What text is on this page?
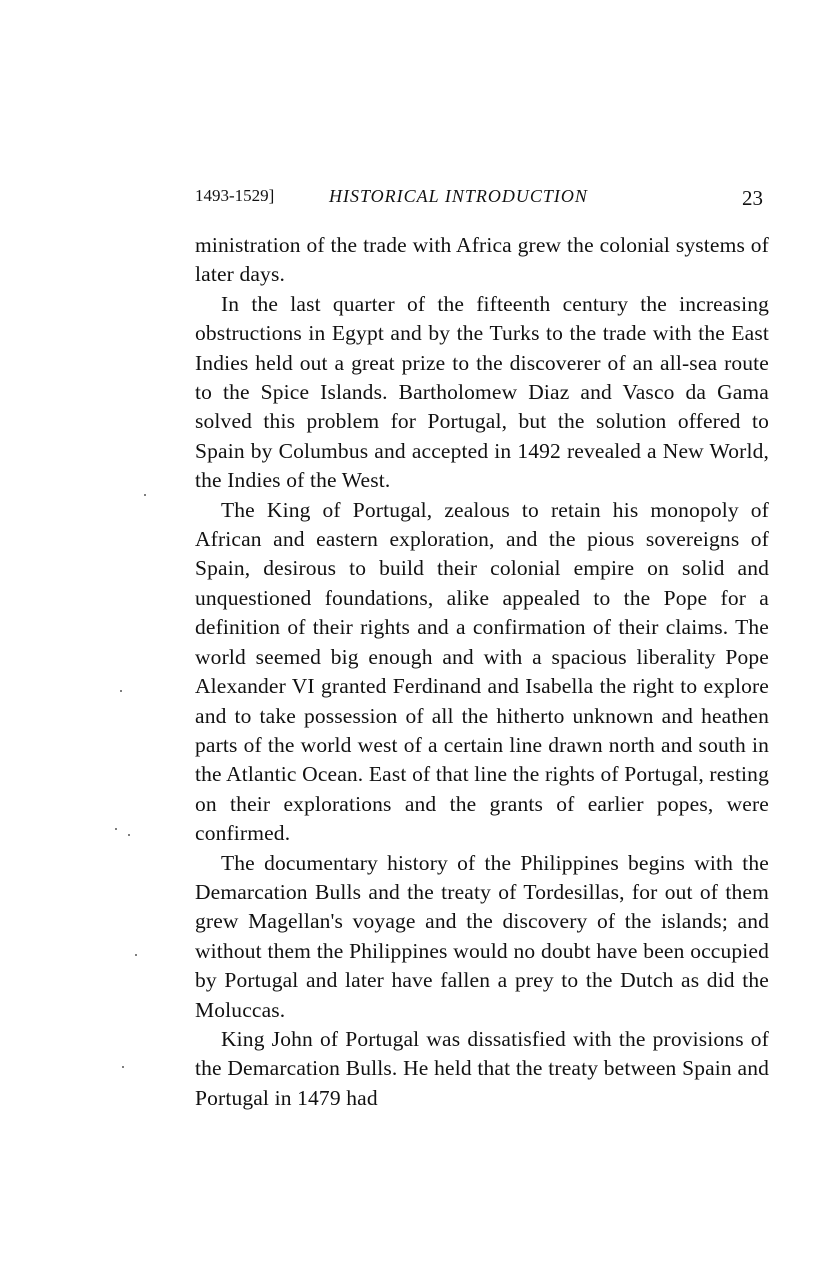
1493-1529]	HISTORICAL INTRODUCTION	23

ministration of the trade with Africa grew the colonial systems of later days.

In the last quarter of the fifteenth century the increasing obstructions in Egypt and by the Turks to the trade with the East Indies held out a great prize to the discoverer of an all-sea route to the Spice Islands. Bartholomew Diaz and Vasco da Gama solved this problem for Portugal, but the solution offered to Spain by Columbus and accepted in 1492 revealed a New World, the Indies of the West.

The King of Portugal, zealous to retain his monopoly of African and eastern exploration, and the pious sovereigns of Spain, desirous to build their colonial empire on solid and unquestioned foundations, alike appealed to the Pope for a definition of their rights and a confirmation of their claims. The world seemed big enough and with a spacious liberality Pope Alexander VI granted Ferdinand and Isabella the right to explore and to take possession of all the hitherto unknown and heathen parts of the world west of a certain line drawn north and south in the Atlantic Ocean. East of that line the rights of Portugal, resting on their explorations and the grants of earlier popes, were confirmed.

The documentary history of the Philippines begins with the Demarcation Bulls and the treaty of Tordesillas, for out of them grew Magellan's voyage and the discovery of the islands; and without them the Philippines would no doubt have been occupied by Portugal and later have fallen a prey to the Dutch as did the Moluccas.

King John of Portugal was dissatisfied with the provisions of the Demarcation Bulls. He held that the treaty between Spain and Portugal in 1479 had
